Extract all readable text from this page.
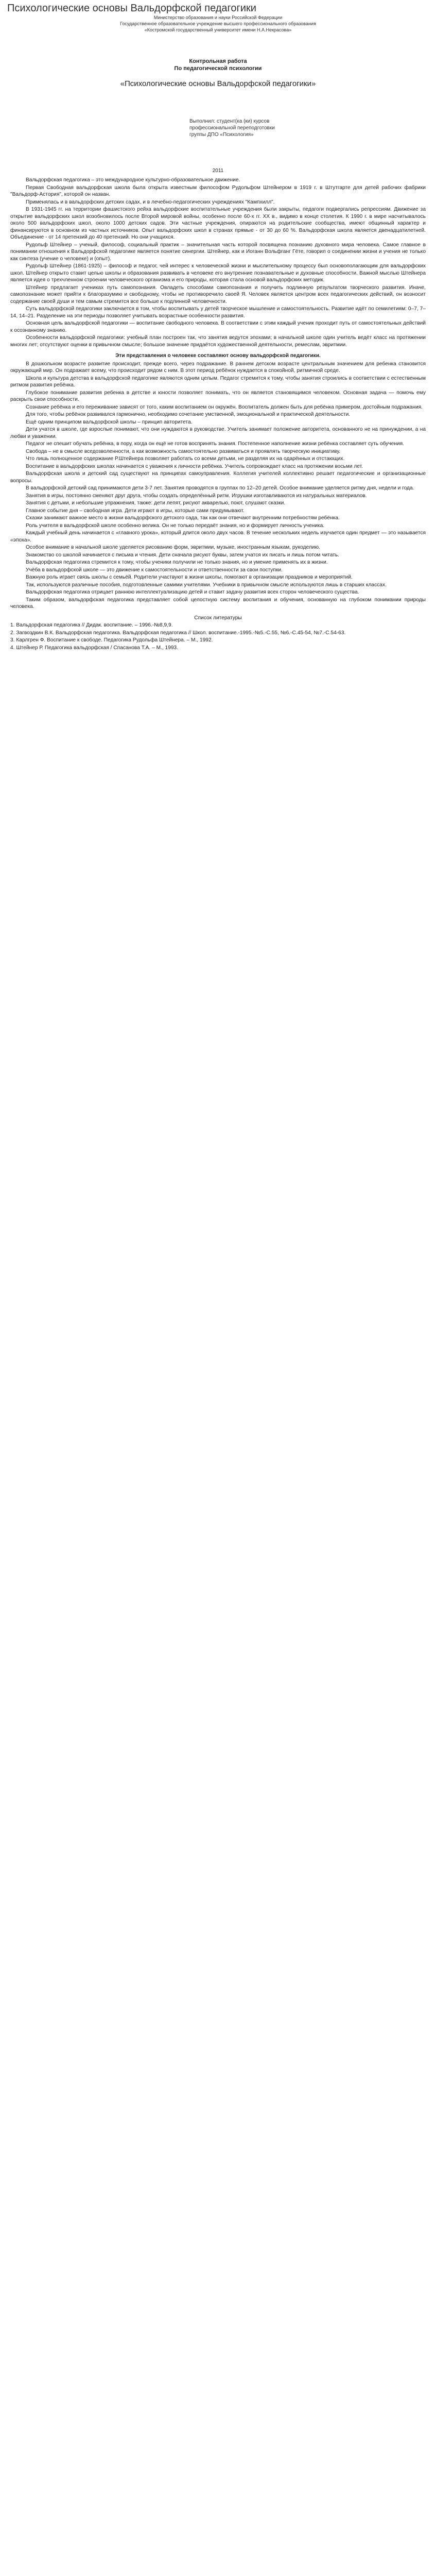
Психологические основы Вальдорфской педагогики
Министерство образования и науки Российской Федерации
Государственное образовательное учреждение высшего профессионального образования
«Костромской государственный университет имени Н.А.Некрасова»
Контрольная работа
По педагогической психологии
«Психологические основы Вальдорфской педагогики»
Выполнил: студент(ка (ки) курсов
профессиональной переподготовки
группы ДПО «Психология»
2011

Вальдорфская педагогика – это международное культурно-образовательное движение.

Первая Свободная вальдорфская школа была открыта известным философом Рудольфом Штейнером в 1919 г. в Штутгарте для детей рабочих фабрики "Вальдорф-Астория", которой он назван.

Применялась и в вальдорфских детских садах, и в лечебно-педагогических учреждениях "Кампхилл".

В 1931-1945 гг. на территории фашистского рейха вальдорфские воспитательные учреждения были закрыты, педагоги подвергались репрессиям. Движение за открытие вальдорфских школ возобновилось после Второй мировой войны, особенно после 60-х гг. XX в., видимо в конце столетия. К 1990 г. в мире насчитывалось около 500 вальдорфских школ, около 1000 детских садов. Эти частные учреждения, опираются на родительские сообщества, имеют общинный характер и финансируются в основном из частных источников. Опыт вальдорфских школ в странах прямые - от 30 до 60 %. Вальдорфская школа является двенадцатилетней. Объединение - от 14 претензий до 40 претензий. Но они учащихся.

Рудольф Штейнер – ученый, философ, социальный практик – значительная часть которой посвящена познанию духовного мира человека. Самое главное в понимании отношения к Вальдорфской педагогике является понятие синергии. Штейнер, как и Иоганн Вольфганг Гёте, говорил о соединении жизни и учения не только как синтеза (учение о человеке) и (опыт).

Рудольф Штейнер (1861-1925) – философ и педагог, чей интерес к человеческой жизни и мыслительному процессу был основополагающим для вальдорфских школ. Штейнер открыто ставит целью школы и образования развивать в человеке его внутренние познавательные и духовные способности. Важной мыслью Штейнера является идея о трехчленном строении человеческого организма и его природы, которая стала основой вальдорфских методик.

Штейнер предлагает учениках путь самопознания. Овладеть способами самопознания и получить подлинную результатом творческого развития. Иначе, самопознание может прийти к благоразумию и свободному, чтобы не противоречило своей Я. Человек является центром всех педагогических действий, он возносит содержание своей души и тем самым стремится все больше к подлинной человечности.

Суть вальдорфской педагогики заключается в том, чтобы воспитывать у детей творческое мышление и самостоятельность. Развитие идёт по семилетиям: 0–7, 7–14, 14–21. Разделение на эти периоды позволяет учитывать возрастные особенности развития.

Основная цель вальдорфской педагогики — воспитание свободного человека. В соответствии с этим каждый ученик проходит путь от самостоятельных действий к осознанному знанию.

Особенности вальдорфской педагогики: учебный план построен так, что занятия ведутся эпохами; в начальной школе один учитель ведёт класс на протяжении многих лет; отсутствуют оценки в привычном смысле; большое значение придаётся художественной деятельности, ремеслам, эвритмии.

Эти представления о человеке составляют основу вальдорфской педагогики.

В дошкольном возрасте развитие происходит, прежде всего, через подражание. В раннем детском возрасте центральным значением для ребенка становится окружающий мир. Он подражает всему, что происходит рядом с ним. В этот период ребёнок нуждается в спокойной, ритмичной среде.

Школа и культура детства в вальдорфской педагогике являются одним целым. Педагог стремится к тому, чтобы занятия строились в соответствии с естественным ритмом развития ребёнка.

Глубокое понимание развития ребенка в детстве и юности позволяет понимать, что он является становящимся человеком. Основная задача — помочь ему раскрыть свои способности.

Сознание ребёнка и его переживание зависят от того, каким воспитанием он окружён. Воспитатель должен быть для ребёнка примером, достойным подражания.

Для того, чтобы ребёнок развивался гармонично, необходимо сочетание умственной, эмоциональной и практической деятельности.

Ещё одним принципом вальдорфской школы – принцип авторитета.

Дети учатся в школе, где взрослые понимают, что они нуждаются в руководстве. Учитель занимает положение авторитета, основанного не на принуждении, а на любви и уважении.

Педагог не спешит обучать ребёнка, в пору, когда он ещё не готов воспринять знания. Постепенное наполнение жизни ребёнка составляет суть обучения.

Свобода – не в смысле вседозволенности, а как возможность самостоятельно развиваться и проявлять творческую инициативу.

Что лишь полноценное содержание Р.Штейнера позволяет работать со всеми детьми, не разделяя их на одарённых и отстающих.

Воспитание в вальдорфских школах начинается с уважения к личности ребёнка. Учитель сопровождает класс на протяжении восьми лет.

Вальдорфская школа и детский сад существуют на принципах самоуправления. Коллегия учителей коллективно решает педагогические и организационные вопросы.

В вальдорфской детский сад принимаются дети 3-7 лет. Занятия проводятся в группах по 12–20 детей. Особое внимание уделяется ритму дня, недели и года.

Занятия в игры, постоянно сменяют друг друга, чтобы создать определённый ритм. Игрушки изготавливаются из натуральных материалов.

Занятия с детьми, и небольшие упражнения, также: дети лепят, рисуют акварелью, поют, слушают сказки.

Главное событие дня – свободная игра. Дети играют в игры, которые сами придумывают.

Сказки занимают важное место в жизни вальдорфского детского сада, так как они отвечают внутренним потребностям ребёнка.

Роль учителя в вальдорфской школе особенно велика. Он не только передаёт знания, но и формирует личность ученика.

Каждый учебный день начинается с «главного урока», который длится около двух часов. В течение нескольких недель изучается один предмет — это называется «эпоха».

Особое внимание в начальной школе уделяется рисованию форм, эвритмии, музыке, иностранным языкам, рукоделию.

Знакомство со школой начинается с письма и чтения. Дети сначала рисуют буквы, затем учатся их писать и лишь потом читать.

Вальдорфская педагогика стремится к тому, чтобы ученики получили не только знания, но и умение применять их в жизни.

Учёба в вальдорфской школе — это движение к самостоятельности и ответственности за свои поступки.

Важную роль играет связь школы с семьёй. Родители участвуют в жизни школы, помогают в организации праздников и мероприятий.

Так, используются различные пособия, подготовленные самими учителями. Учебники в привычном смысле используются лишь в старших классах.

Вальдорфская педагогика отрицает раннюю интеллектуализацию детей и ставит задачу развития всех сторон человеческого существа.

Таким образом, вальдорфская педагогика представляет собой целостную систему воспитания и обучения, основанную на глубоком понимании природы человека.

Список литературы

1. Вальдорфская педагогика // Дидак. воспитание. – 1996.-№8,9,9.
2. Загвоздкин В.К. Вальдорфская педагогика. Вальдорфская педагогика // Школ. воспитание.-1995.-№5.-С.55, №6.-С.45-54, №7.-С.54-63.
3. Карлгрен Ф. Воспитание к свободе. Педагогика Рудольфа Штейнера. – М., 1992.
4. Штейнер Р. Педагогика вальдорфская / Спасанова Т.А. – М., 1993.
